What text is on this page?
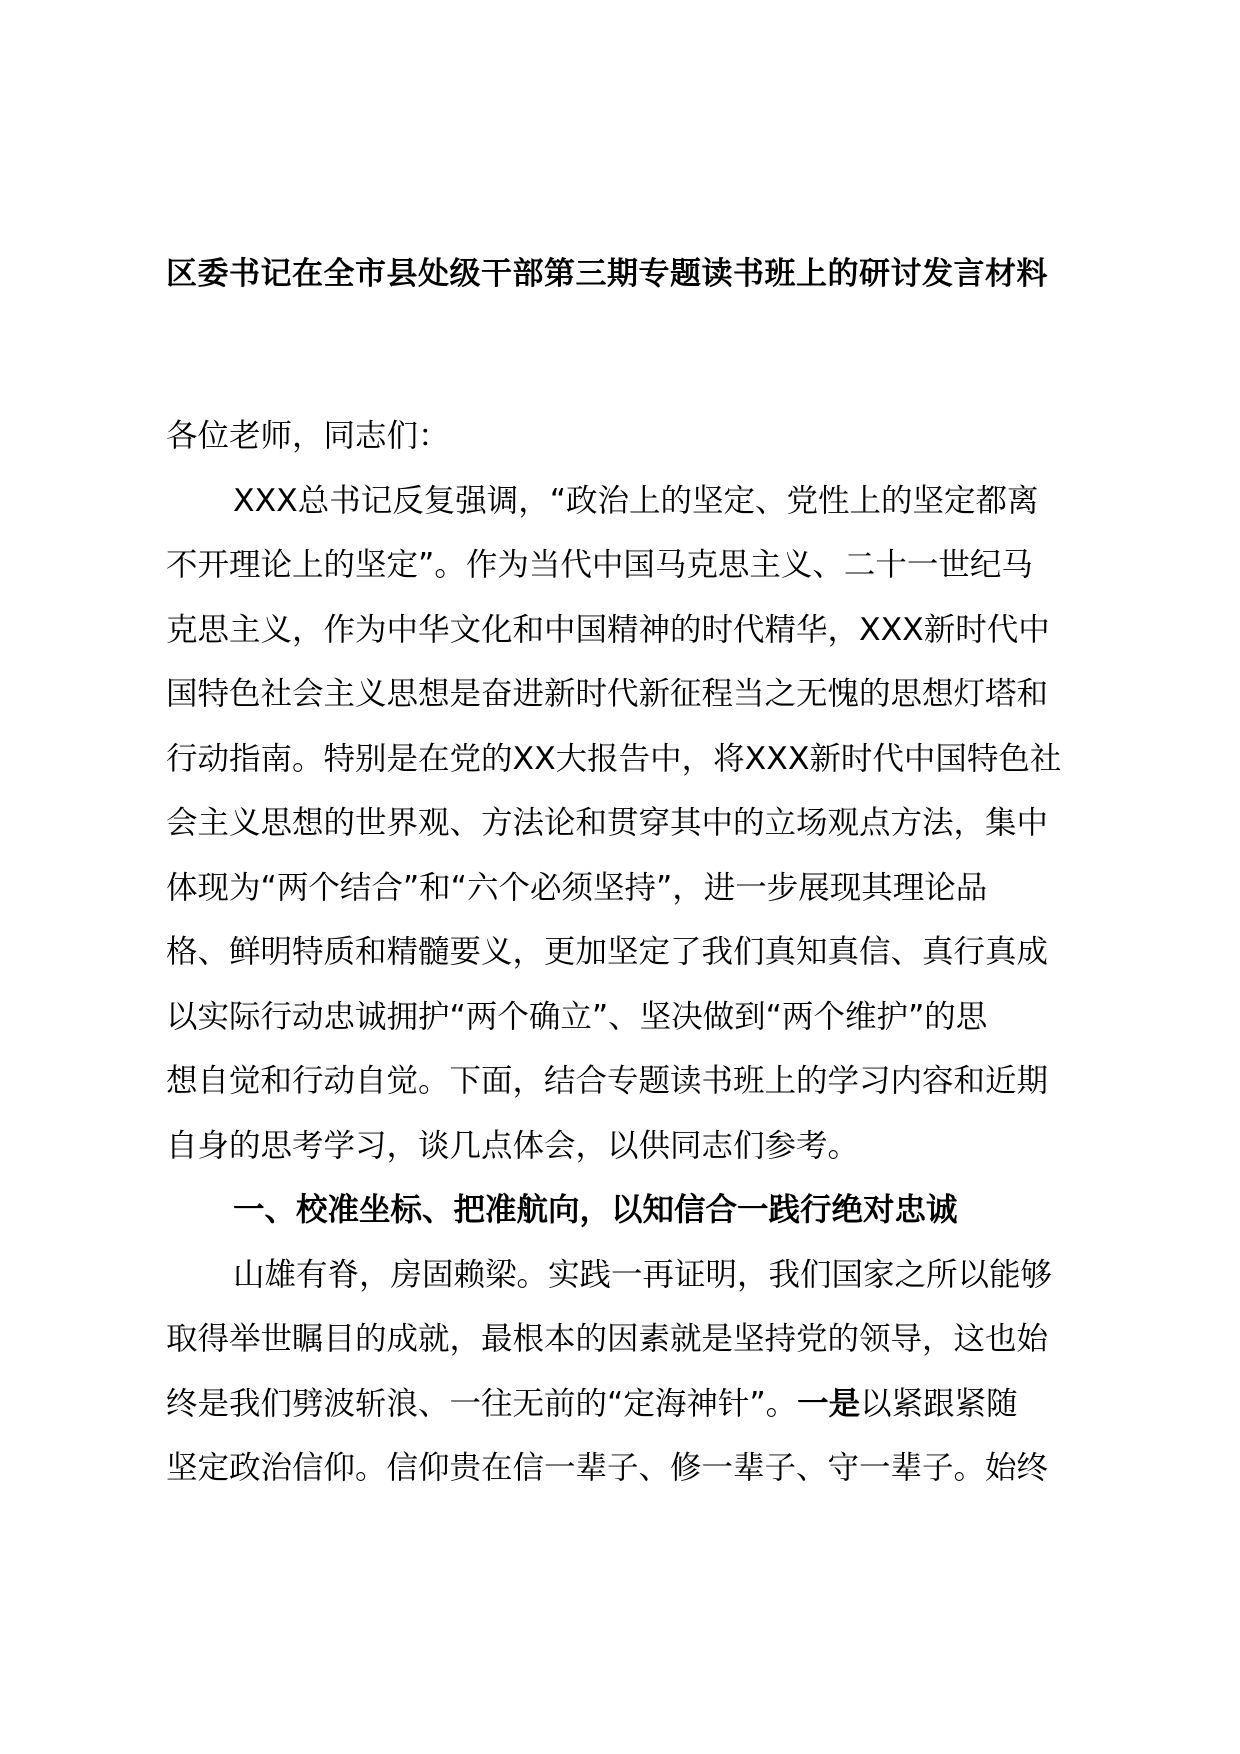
区委书记在全市县处级干部第三期专题读书班上的研讨发言材料

各位老师，同志们：

XXX总书记反复强调，“政治上的坚定、党性上的坚定都离

不开理论上的坚定”。作为当代中国马克思主义、二十一世纪马

克思主义，作为中华文化和中国精神的时代精华，XXX新时代中

国特色社会主义思想是奋进新时代新征程当之无愧的思想灯塔和

行动指南。特别是在党的XX大报告中，将XXX新时代中国特色社

会主义思想的世界观、方法论和贯穿其中的立场观点方法，集中

体现为“两个结合”和“六个必须坚持”，进一步展现其理论品

格、鲜明特质和精髓要义，更加坚定了我们真知真信、真行真成

以实际行动忠诚拥护“两个确立”、坚决做到“两个维护”的思

想自觉和行动自觉。下面，结合专题读书班上的学习内容和近期

自身的思考学习，谈几点体会，以供同志们参考。

一、校准坐标、把准航向，以知信合一践行绝对忠诚

山雄有脊，房固赖梁。实践一再证明，我们国家之所以能够

取得举世瞩目的成就，最根本的因素就是坚持党的领导，这也始

终是我们劈波斩浪、一往无前的“定海神针”。一是以紧跟紧随

坚定政治信仰。信仰贵在信一辈子、修一辈子、守一辈子。始终
